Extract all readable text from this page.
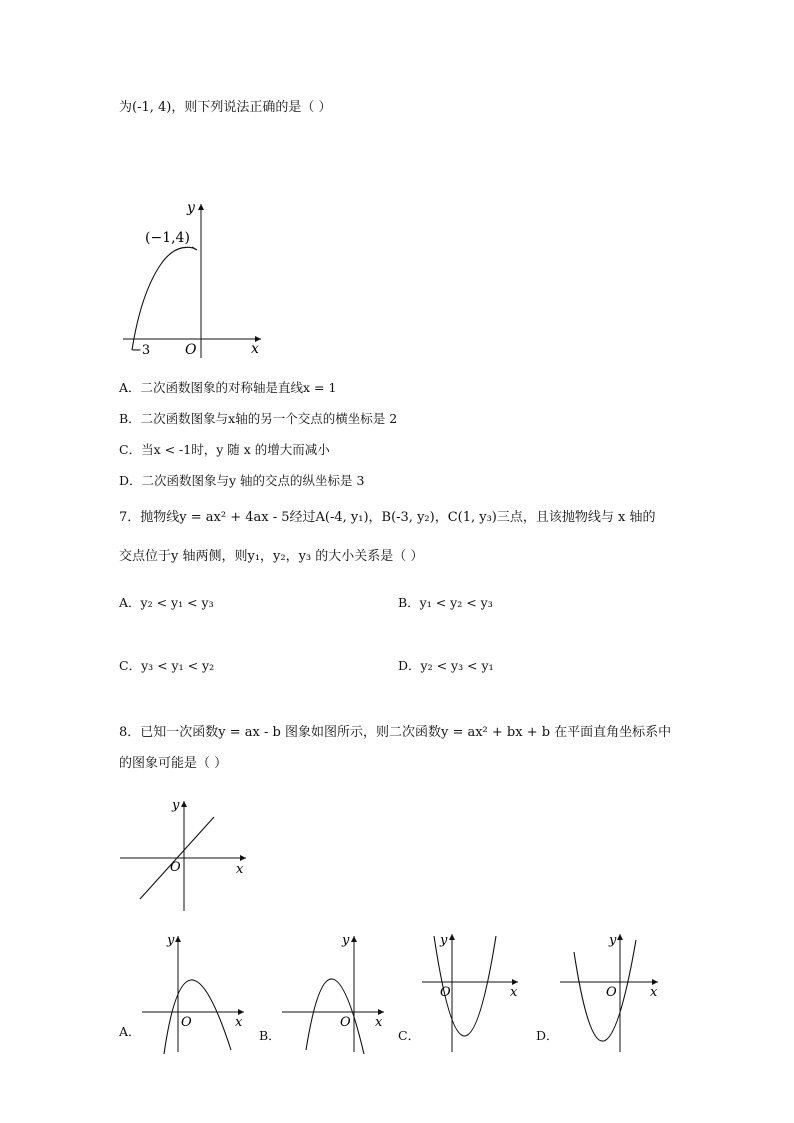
为(-1, 4)，则下列说法正确的是（ ）
y
x
O
(−1,4)
−3
A．二次函数图象的对称轴是直线x = 1
B．二次函数图象与x轴的另一个交点的横坐标是 2
C．当x < -1时，y 随 x 的增大而减小
D．二次函数图象与y 轴的交点的纵坐标是 3
7．抛物线y = ax² + 4ax - 5经过A(-4, y₁)，B(-3, y₂)，C(1, y₃)三点，且该抛物线与 x 轴的
交点位于y 轴两侧，则y₁，y₂，y₃ 的大小关系是（ ）
A．y₂ < y₁ < y₃	B．y₁ < y₂ < y₃
C．y₃ < y₁ < y₂	D．y₂ < y₃ < y₁
8．已知一次函数y = ax - b 图象如图所示，则二次函数y = ax² + bx + b 在平面直角坐标系中
的图象可能是（ ）
y
x
O
A．
y
x
O
B．
y
x
O
C．
y
x
O
D．
y
x
O
